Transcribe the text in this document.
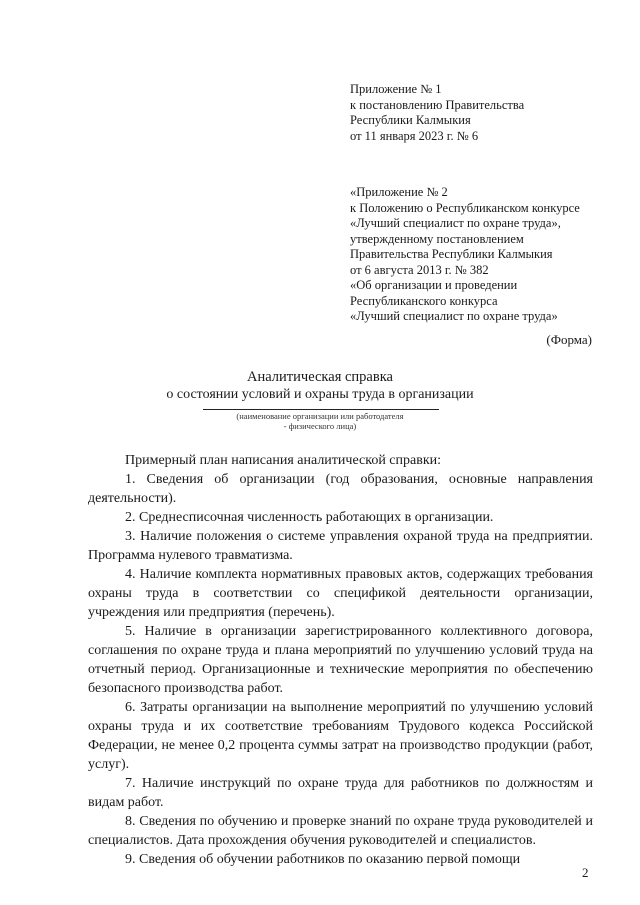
Приложение № 1
к постановлению Правительства
Республики Калмыкия
от 11 января 2023 г. № 6
«Приложение № 2
к Положению о Республиканском конкурсе
«Лучший специалист по охране труда»,
утвержденному постановлением
Правительства Республики Калмыкия
от 6 августа 2013 г. № 382
«Об организации и проведении
Республиканского конкурса
«Лучший специалист по охране труда»
(Форма)
Аналитическая справка
о состоянии условий и охраны труда в организации
(наименование организации или работодателя
- физического лица)

Примерный план написания аналитической справки:

1. Сведения об организации (год образования, основные направления деятельности).

2. Среднесписочная численность работающих в организации.

3. Наличие положения о системе управления охраной труда на предприятии. Программа нулевого травматизма.

4. Наличие комплекта нормативных правовых актов, содержащих требования охраны труда в соответствии со спецификой деятельности организации, учреждения или предприятия (перечень).

5. Наличие в организации зарегистрированного коллективного договора, соглашения по охране труда и плана мероприятий по улучшению условий труда на отчетный период. Организационные и технические мероприятия по обеспечению безопасного производства работ.

6. Затраты организации на выполнение мероприятий по улучшению условий охраны труда и их соответствие требованиям Трудового кодекса Российской Федерации, не менее 0,2 процента суммы затрат на производство продукции (работ, услуг).

7. Наличие инструкций по охране труда для работников по должностям и видам работ.

8. Сведения по обучению и проверке знаний по охране труда руководителей и специалистов. Дата прохождения обучения руководителей и специалистов.

9. Сведения об обучении работников по оказанию первой помощи

2
